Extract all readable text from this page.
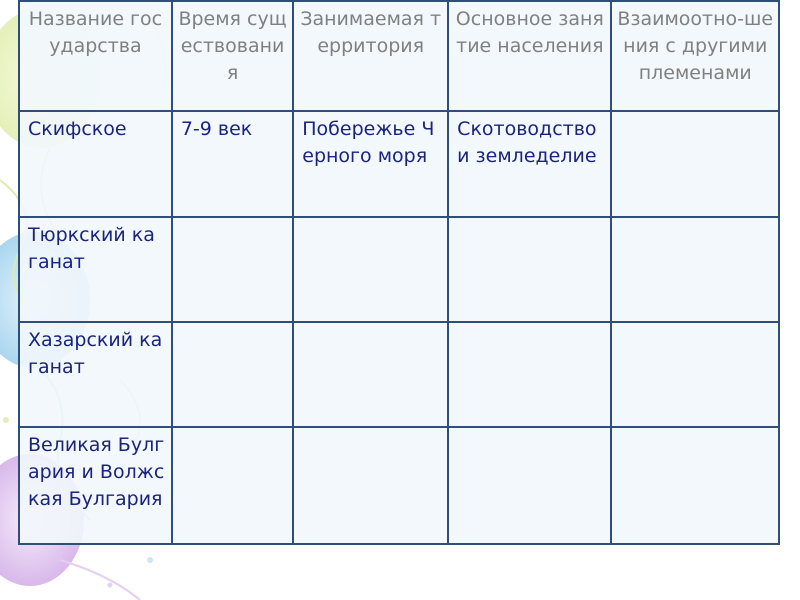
Название государства	Время существования	Занимаемая территория	Основное занятие населения	Взаимоотно-шения с другими племенами
Скифское	7-9 век	Побережье Черного моря	Скотоводство и земледелие	
Тюркский каганат				
Хазарский каганат				
Великая Булгария и Волжская Булгария				
